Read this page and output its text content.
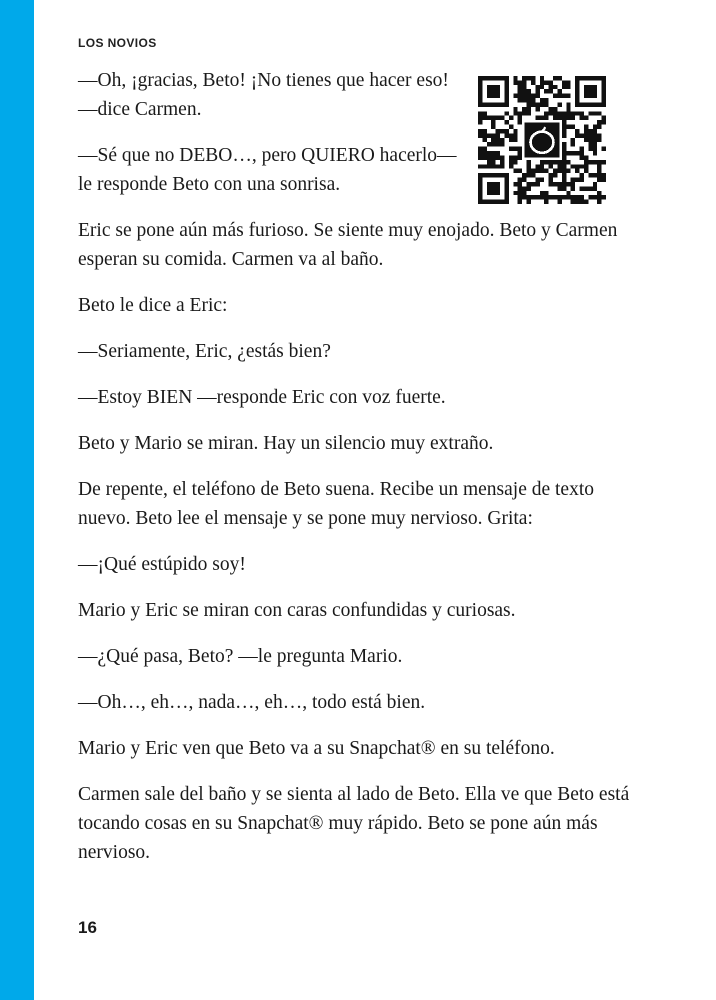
LOS NOVIOS

—Oh, ¡gracias, Beto! ¡No tienes que hacer eso! —dice Carmen.

—Sé que no DEBO…, pero QUIERO hacerlo—le responde Beto con una sonrisa.

Eric se pone aún más furioso. Se siente muy enojado. Beto y Carmen esperan su comida. Carmen va al baño.

Beto le dice a Eric:

—Seriamente, Eric, ¿estás bien?

—Estoy BIEN —responde Eric con voz fuerte.

Beto y Mario se miran. Hay un silencio muy extraño.

De repente, el teléfono de Beto suena. Recibe un mensaje de texto nuevo. Beto lee el mensaje y se pone muy nervioso. Grita:

—¡Qué estúpido soy!

Mario y Eric se miran con caras confundidas y curiosas.

—¿Qué pasa, Beto? —le pregunta Mario.

—Oh…, eh…, nada…, eh…, todo está bien.

Mario y Eric ven que Beto va a su Snapchat® en su teléfono.

Carmen sale del baño y se sienta al lado de Beto. Ella ve que Beto está tocando cosas en su Snapchat® muy rápido. Beto se pone aún más nervioso.

16
